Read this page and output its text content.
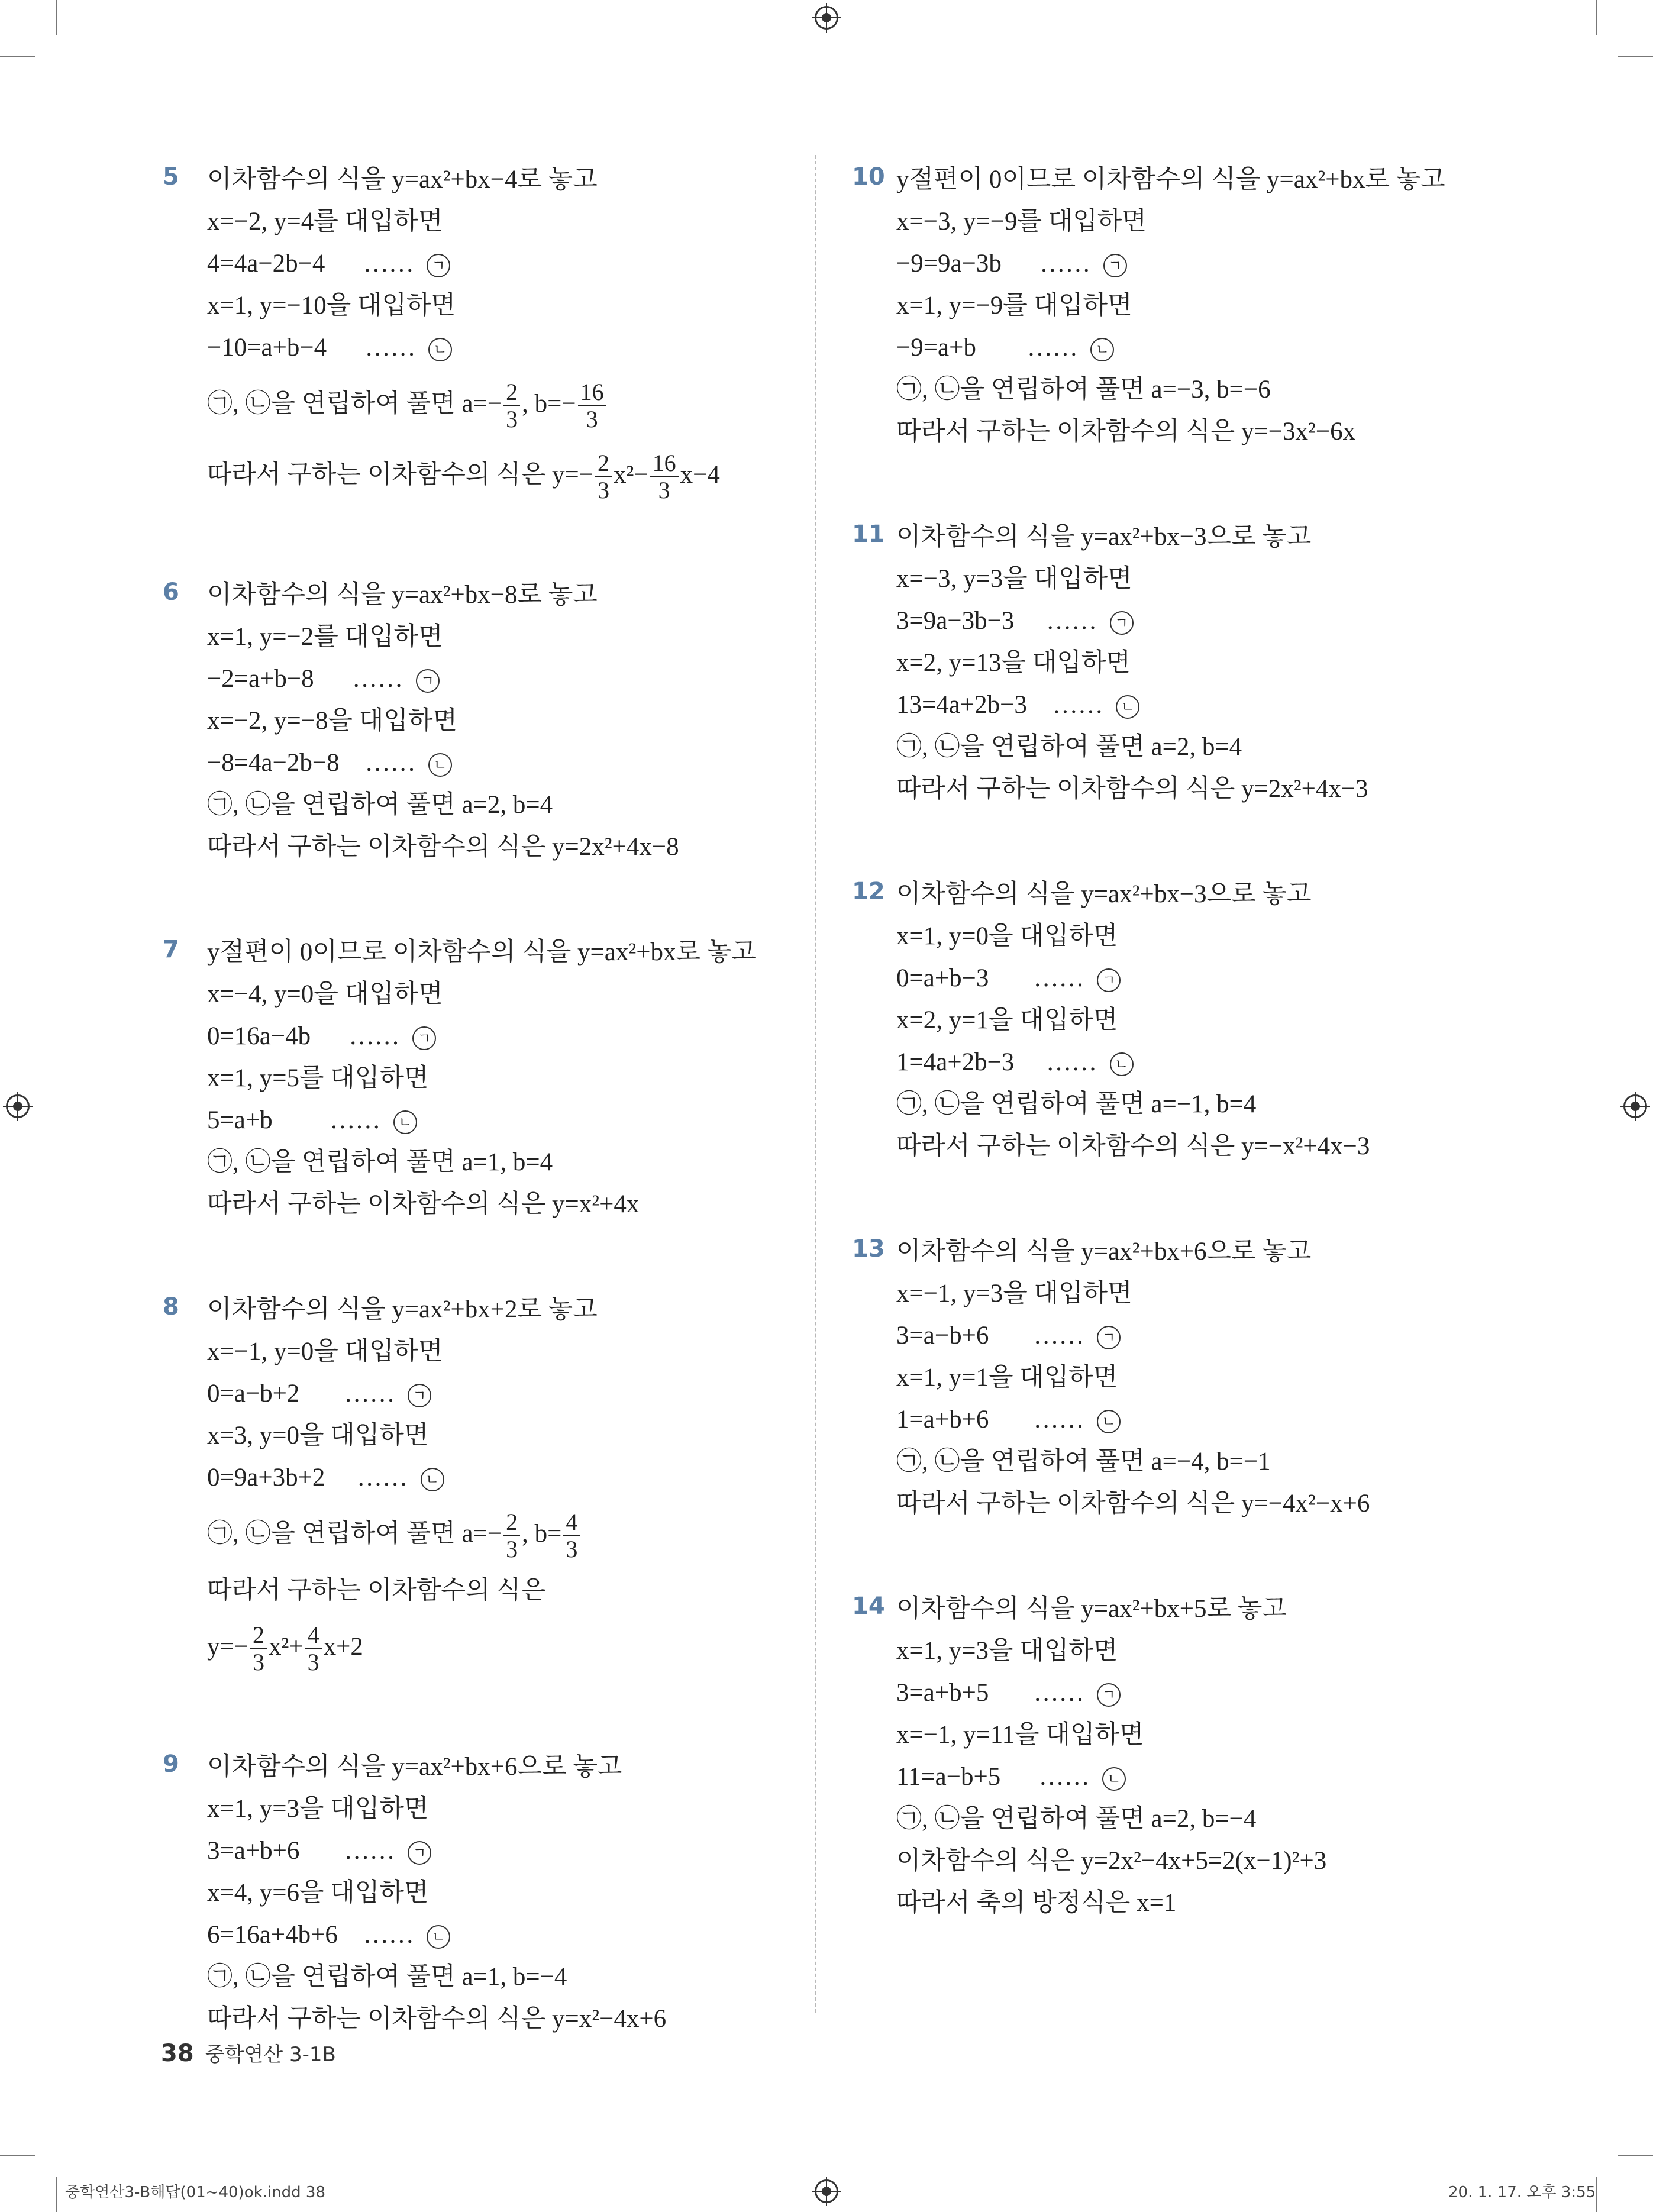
5 이차함수의 식을 y=ax²+bx−4로 놓고
x=−2, y=4를 대입하면
4=4a−2b−4      ……  ㄱ
x=1, y=−10을 대입하면
−10=a+b−4      ……  ㄴ
㉠, ㉡을 연립하여 풀면 $a=- \frac{2}{3}$ , $b=- \frac{16}{3}$
따라서 구하는 이차함수의 식은 $y=- \frac{2}{3} x^2- \frac{16}{3} x-4$
6 이차함수의 식을 y=ax²+bx−8로 놓고
x=1, y=−2를 대입하면
−2=a+b−8      ……  ㄱ
x=−2, y=−8을 대입하면
−8=4a−2b−8    ……  ㄴ
㉠, ㉡을 연립하여 풀면 a=2, b=4
따라서 구하는 이차함수의 식은 y=2x²+4x−8
7 y절편이 0이므로 이차함수의 식을 y=ax²+bx로 놓고
x=−4, y=0을 대입하면
0=16a−4b      ……  ㄱ
x=1, y=5를 대입하면
5=a+b         ……  ㄴ
㉠, ㉡을 연립하여 풀면 a=1, b=4
따라서 구하는 이차함수의 식은 y=x²+4x
8 이차함수의 식을 y=ax²+bx+2로 놓고
x=−1, y=0을 대입하면
0=a−b+2       ……  ㄱ
x=3, y=0을 대입하면
0=9a+3b+2     ……  ㄴ
㉠, ㉡을 연립하여 풀면 $a=- \frac{2}{3}$ , $b= \frac{4}{3}$
따라서 구하는 이차함수의 식은
$y=- \frac{2}{3} x^2+ \frac{4}{3} x+2$
9 이차함수의 식을 y=ax²+bx+6으로 놓고
x=1, y=3을 대입하면
3=a+b+6       ……  ㄱ
x=4, y=6을 대입하면
6=16a+4b+6    ……  ㄴ
㉠, ㉡을 연립하여 풀면 a=1, b=−4
따라서 구하는 이차함수의 식은 y=x²−4x+6
10 y절편이 0이므로 이차함수의 식을 y=ax²+bx로 놓고
x=−3, y=−9를 대입하면
−9=9a−3b      ……  ㄱ
x=1, y=−9를 대입하면
−9=a+b        ……  ㄴ
㉠, ㉡을 연립하여 풀면 a=−3, b=−6
따라서 구하는 이차함수의 식은 y=−3x²−6x
11 이차함수의 식을 y=ax²+bx−3으로 놓고
x=−3, y=3을 대입하면
3=9a−3b−3     ……  ㄱ
x=2, y=13을 대입하면
13=4a+2b−3    ……  ㄴ
㉠, ㉡을 연립하여 풀면 a=2, b=4
따라서 구하는 이차함수의 식은 y=2x²+4x−3
12 이차함수의 식을 y=ax²+bx−3으로 놓고
x=1, y=0을 대입하면
0=a+b−3       ……  ㄱ
x=2, y=1을 대입하면
1=4a+2b−3     ……  ㄴ
㉠, ㉡을 연립하여 풀면 a=−1, b=4
따라서 구하는 이차함수의 식은 y=−x²+4x−3
13 이차함수의 식을 y=ax²+bx+6으로 놓고
x=−1, y=3을 대입하면
3=a−b+6       ……  ㄱ
x=1, y=1을 대입하면
1=a+b+6       ……  ㄴ
㉠, ㉡을 연립하여 풀면 a=−4, b=−1
따라서 구하는 이차함수의 식은 y=−4x²−x+6
14 이차함수의 식을 y=ax²+bx+5로 놓고
x=1, y=3을 대입하면
3=a+b+5       ……  ㄱ
x=−1, y=11을 대입하면
11=a−b+5      ……  ㄴ
㉠, ㉡을 연립하여 풀면 a=2, b=−4
이차함수의 식은 y=2x²−4x+5=2(x−1)²+3
따라서 축의 방정식은 x=1
38 중학연산 3-1B
중학연산3-B해답(01~40)ok.indd 38	20. 1. 17. 오후 3:55
